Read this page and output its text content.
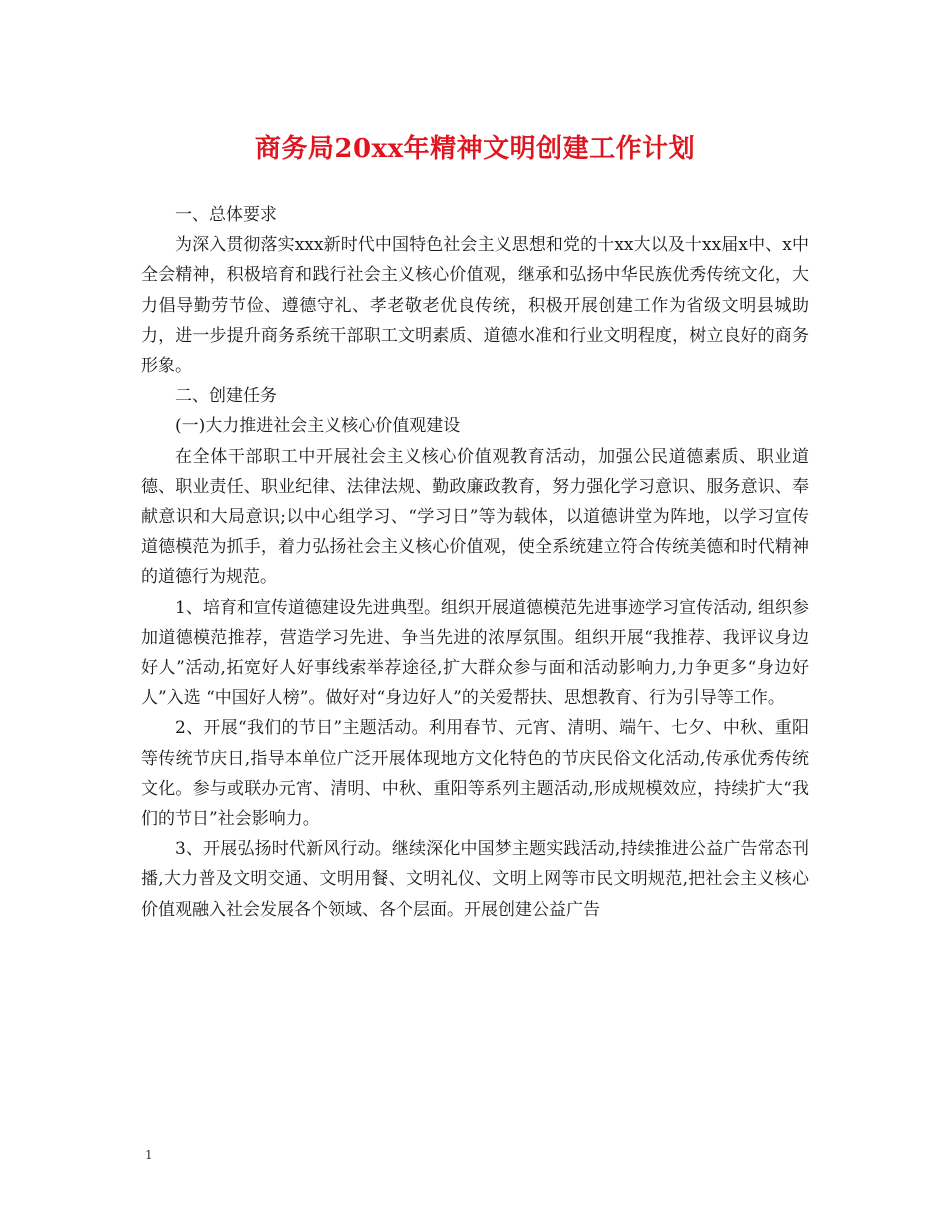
商务局20xx年精神文明创建工作计划

一、总体要求

为深入贯彻落实xxx新时代中国特色社会主义思想和党的十xx大以及十xx届x中、x中全会精神，积极培育和践行社会主义核心价值观，继承和弘扬中华民族优秀传统文化，大力倡导勤劳节俭、遵德守礼、孝老敬老优良传统，积极开展创建工作为省级文明县城助力，进一步提升商务系统干部职工文明素质、道德水准和行业文明程度，树立良好的商务形象。

二、创建任务

(一)大力推进社会主义核心价值观建设

在全体干部职工中开展社会主义核心价值观教育活动，加强公民道德素质、职业道德、职业责任、职业纪律、法律法规、勤政廉政教育，努力强化学习意识、服务意识、奉献意识和大局意识;以中心组学习、“学习日”等为载体，以道德讲堂为阵地，以学习宣传道德模范为抓手，着力弘扬社会主义核心价值观，使全系统建立符合传统美德和时代精神的道德行为规范。

1、培育和宣传道德建设先进典型。组织开展道德模范先进事迹学习宣传活动, 组织参加道德模范推荐，营造学习先进、争当先进的浓厚氛围。组织开展“我推荐、我评议身边好人”活动,拓宽好人好事线索举荐途径,扩大群众参与面和活动影响力,力争更多“身边好人”入选 “中国好人榜”。做好对“身边好人”的关爱帮扶、思想教育、行为引导等工作。

2、开展“我们的节日”主题活动。利用春节、元宵、清明、端午、七夕、中秋、重阳等传统节庆日,指导本单位广泛开展体现地方文化特色的节庆民俗文化活动,传承优秀传统文化。参与或联办元宵、清明、中秋、重阳等系列主题活动,形成规模效应，持续扩大“我们的节日”社会影响力。

3、开展弘扬时代新风行动。继续深化中国梦主题实践活动,持续推进公益广告常态刊播,大力普及文明交通、文明用餐、文明礼仪、文明上网等市民文明规范,把社会主义核心价值观融入社会发展各个领域、各个层面。开展创建公益广告

1
